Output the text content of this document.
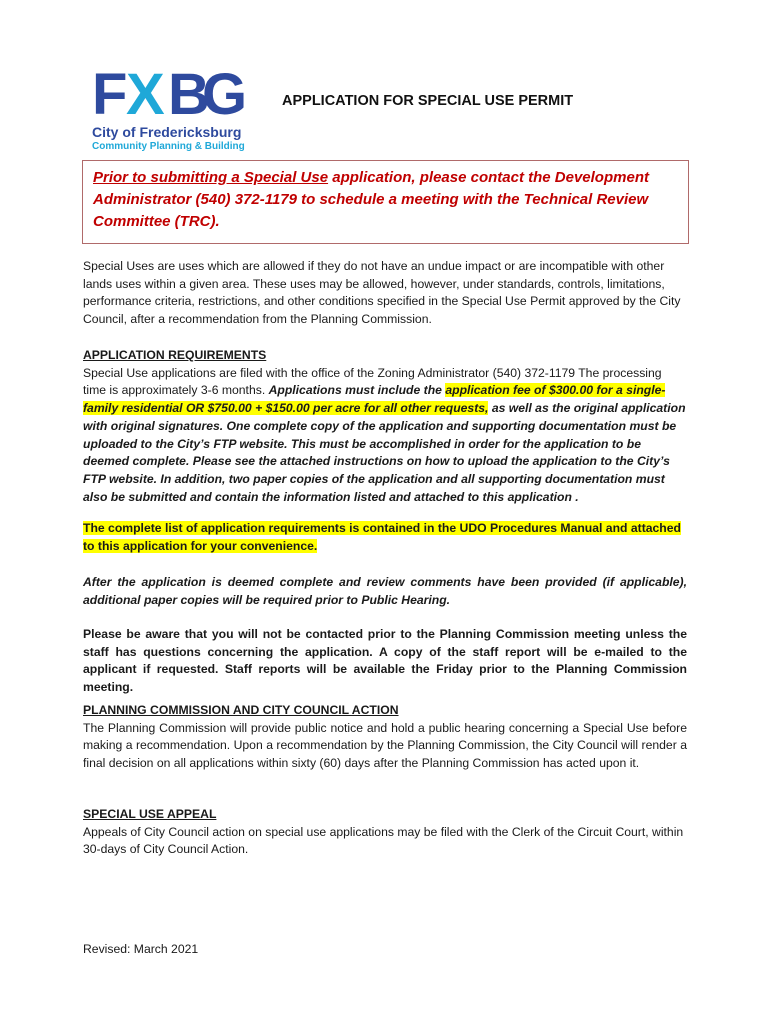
F X B
G
City of Fredericksburg
Community Planning & Building
APPLICATION FOR SPECIAL USE PERMIT

Prior to submitting a Special Use application, please contact the Development Administrator (540) 372-1179 to schedule a meeting with the Technical Review Committee (TRC).

Special Uses are uses which are allowed if they do not have an undue impact or are incompatible with other lands uses within a given area. These uses may be allowed, however, under standards, controls, limitations, performance criteria, restrictions, and other conditions specified in the Special Use Permit approved by the City Council, after a recommendation from the Planning Commission.

APPLICATION REQUIREMENTS

Special Use applications are filed with the office of the Zoning Administrator (540) 372-1179 The processing time is approximately 3-6 months. Applications must include the application fee of $300.00 for a single-family residential OR $750.00 + $150.00 per acre for all other requests, as well as the original application with original signatures. One complete copy of the application and supporting documentation must be uploaded to the City’s FTP website. This must be accomplished in order for the application to be deemed complete. Please see the attached instructions on how to upload the application to the City’s FTP website. In addition, two paper copies of the application and all supporting documentation must also be submitted and contain the information listed and attached to this application .

The complete list of application requirements is contained in the UDO Procedures Manual and attached to this application for your convenience.

After the application is deemed complete and review comments have been provided (if applicable), additional paper copies will be required prior to Public Hearing.

Please be aware that you will not be contacted prior to the Planning Commission meeting unless the staff has questions concerning the application. A copy of the staff report will be e-mailed to the applicant if requested. Staff reports will be available the Friday prior to the Planning Commission meeting.

PLANNING COMMISSION AND CITY COUNCIL ACTION

The Planning Commission will provide public notice and hold a public hearing concerning a Special Use before making a recommendation. Upon a recommendation by the Planning Commission, the City Council will render a final decision on all applications within sixty (60) days after the Planning Commission has acted upon it.

SPECIAL USE APPEAL

Appeals of City Council action on special use applications may be filed with the Clerk of the Circuit Court, within 30-days of City Council Action.

Revised: March 2021
